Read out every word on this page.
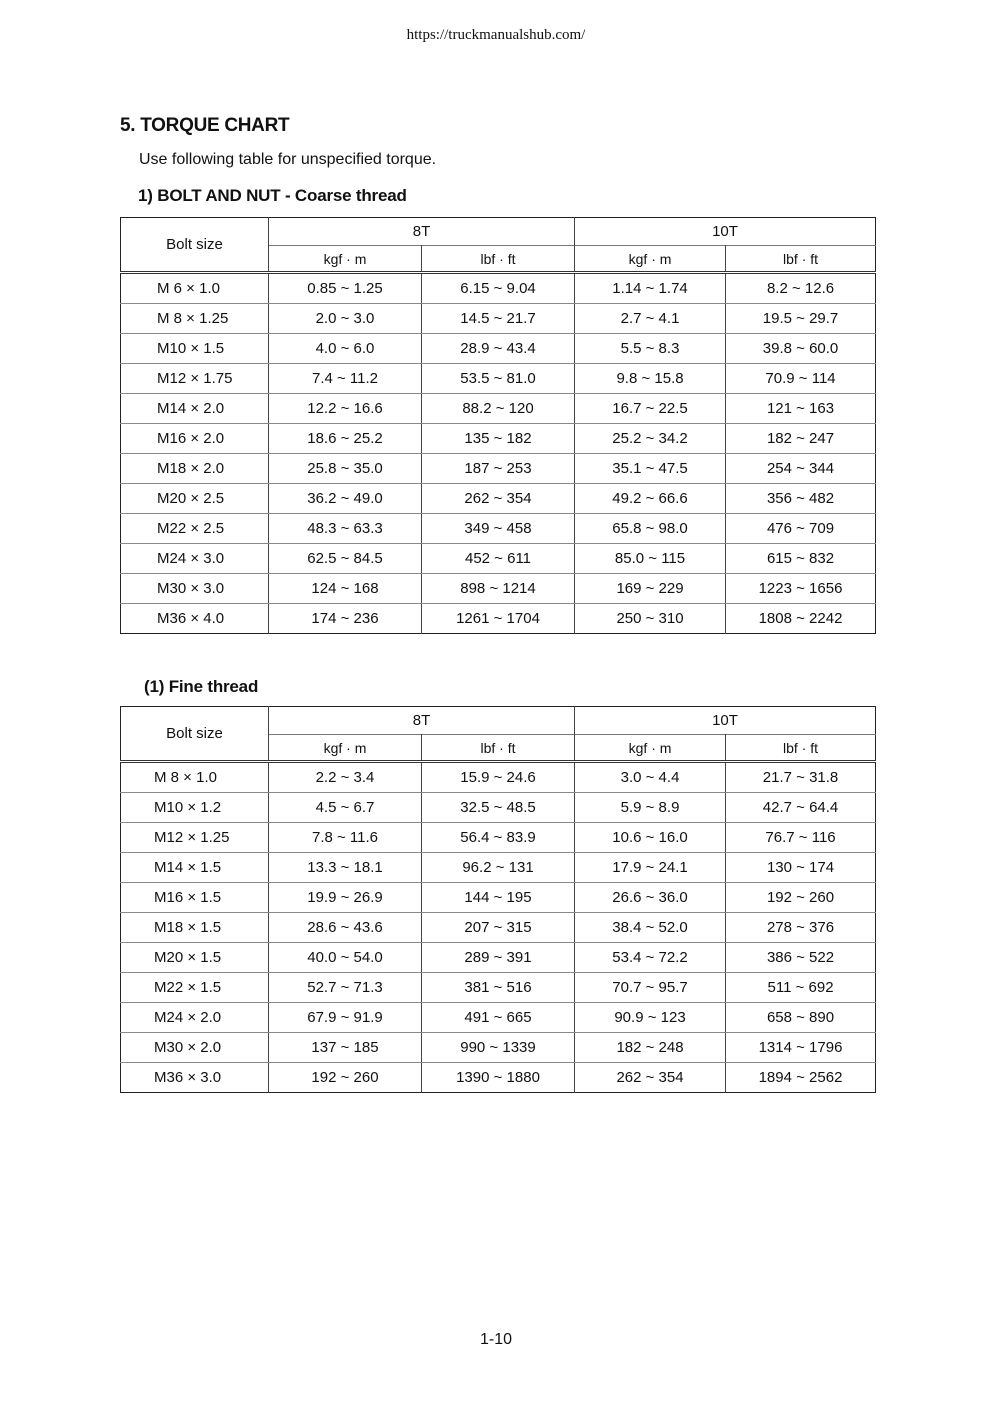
https://truckmanualshub.com/
5. TORQUE CHART
Use following table for unspecified torque.
1) BOLT AND NUT - Coarse thread
Bolt size	8T		10T	
	kgf · m	lbf · ft	kgf · m	lbf · ft
M 6 × 1.0	0.85 ~ 1.25	6.15 ~ 9.04	1.14 ~ 1.74	8.2 ~ 12.6
M 8 × 1.25	2.0 ~ 3.0	14.5 ~ 21.7	2.7 ~ 4.1	19.5 ~ 29.7
M10 × 1.5	4.0 ~ 6.0	28.9 ~ 43.4	5.5 ~ 8.3	39.8 ~ 60.0
M12 × 1.75	7.4 ~ 11.2	53.5 ~ 81.0	9.8 ~ 15.8	70.9 ~ 114
M14 × 2.0	12.2 ~ 16.6	88.2 ~ 120	16.7 ~ 22.5	121 ~ 163
M16 × 2.0	18.6 ~ 25.2	135 ~ 182	25.2 ~ 34.2	182 ~ 247
M18 × 2.0	25.8 ~ 35.0	187 ~ 253	35.1 ~ 47.5	254 ~ 344
M20 × 2.5	36.2 ~ 49.0	262 ~ 354	49.2 ~ 66.6	356 ~ 482
M22 × 2.5	48.3 ~ 63.3	349 ~ 458	65.8 ~ 98.0	476 ~ 709
M24 × 3.0	62.5 ~ 84.5	452 ~ 611	85.0 ~ 115	615 ~ 832
M30 × 3.0	124 ~ 168	898 ~ 1214	169 ~ 229	1223 ~ 1656
M36 × 4.0	174 ~ 236	1261 ~ 1704	250 ~ 310	1808 ~ 2242
(1) Fine thread
Bolt size	8T		10T	
	kgf · m	lbf · ft	kgf · m	lbf · ft
M 8 × 1.0	2.2 ~ 3.4	15.9 ~ 24.6	3.0 ~ 4.4	21.7 ~ 31.8
M10 × 1.2	4.5 ~ 6.7	32.5 ~ 48.5	5.9 ~ 8.9	42.7 ~ 64.4
M12 × 1.25	7.8 ~ 11.6	56.4 ~ 83.9	10.6 ~ 16.0	76.7 ~ 116
M14 × 1.5	13.3 ~ 18.1	96.2 ~ 131	17.9 ~ 24.1	130 ~ 174
M16 × 1.5	19.9 ~ 26.9	144 ~ 195	26.6 ~ 36.0	192 ~ 260
M18 × 1.5	28.6 ~ 43.6	207 ~ 315	38.4 ~ 52.0	278 ~ 376
M20 × 1.5	40.0 ~ 54.0	289 ~ 391	53.4 ~ 72.2	386 ~ 522
M22 × 1.5	52.7 ~ 71.3	381 ~ 516	70.7 ~ 95.7	511 ~ 692
M24 × 2.0	67.9 ~ 91.9	491 ~ 665	90.9 ~ 123	658 ~ 890
M30 × 2.0	137 ~ 185	990 ~ 1339	182 ~ 248	1314 ~ 1796
M36 × 3.0	192 ~ 260	1390 ~ 1880	262 ~ 354	1894 ~ 2562
1-10
